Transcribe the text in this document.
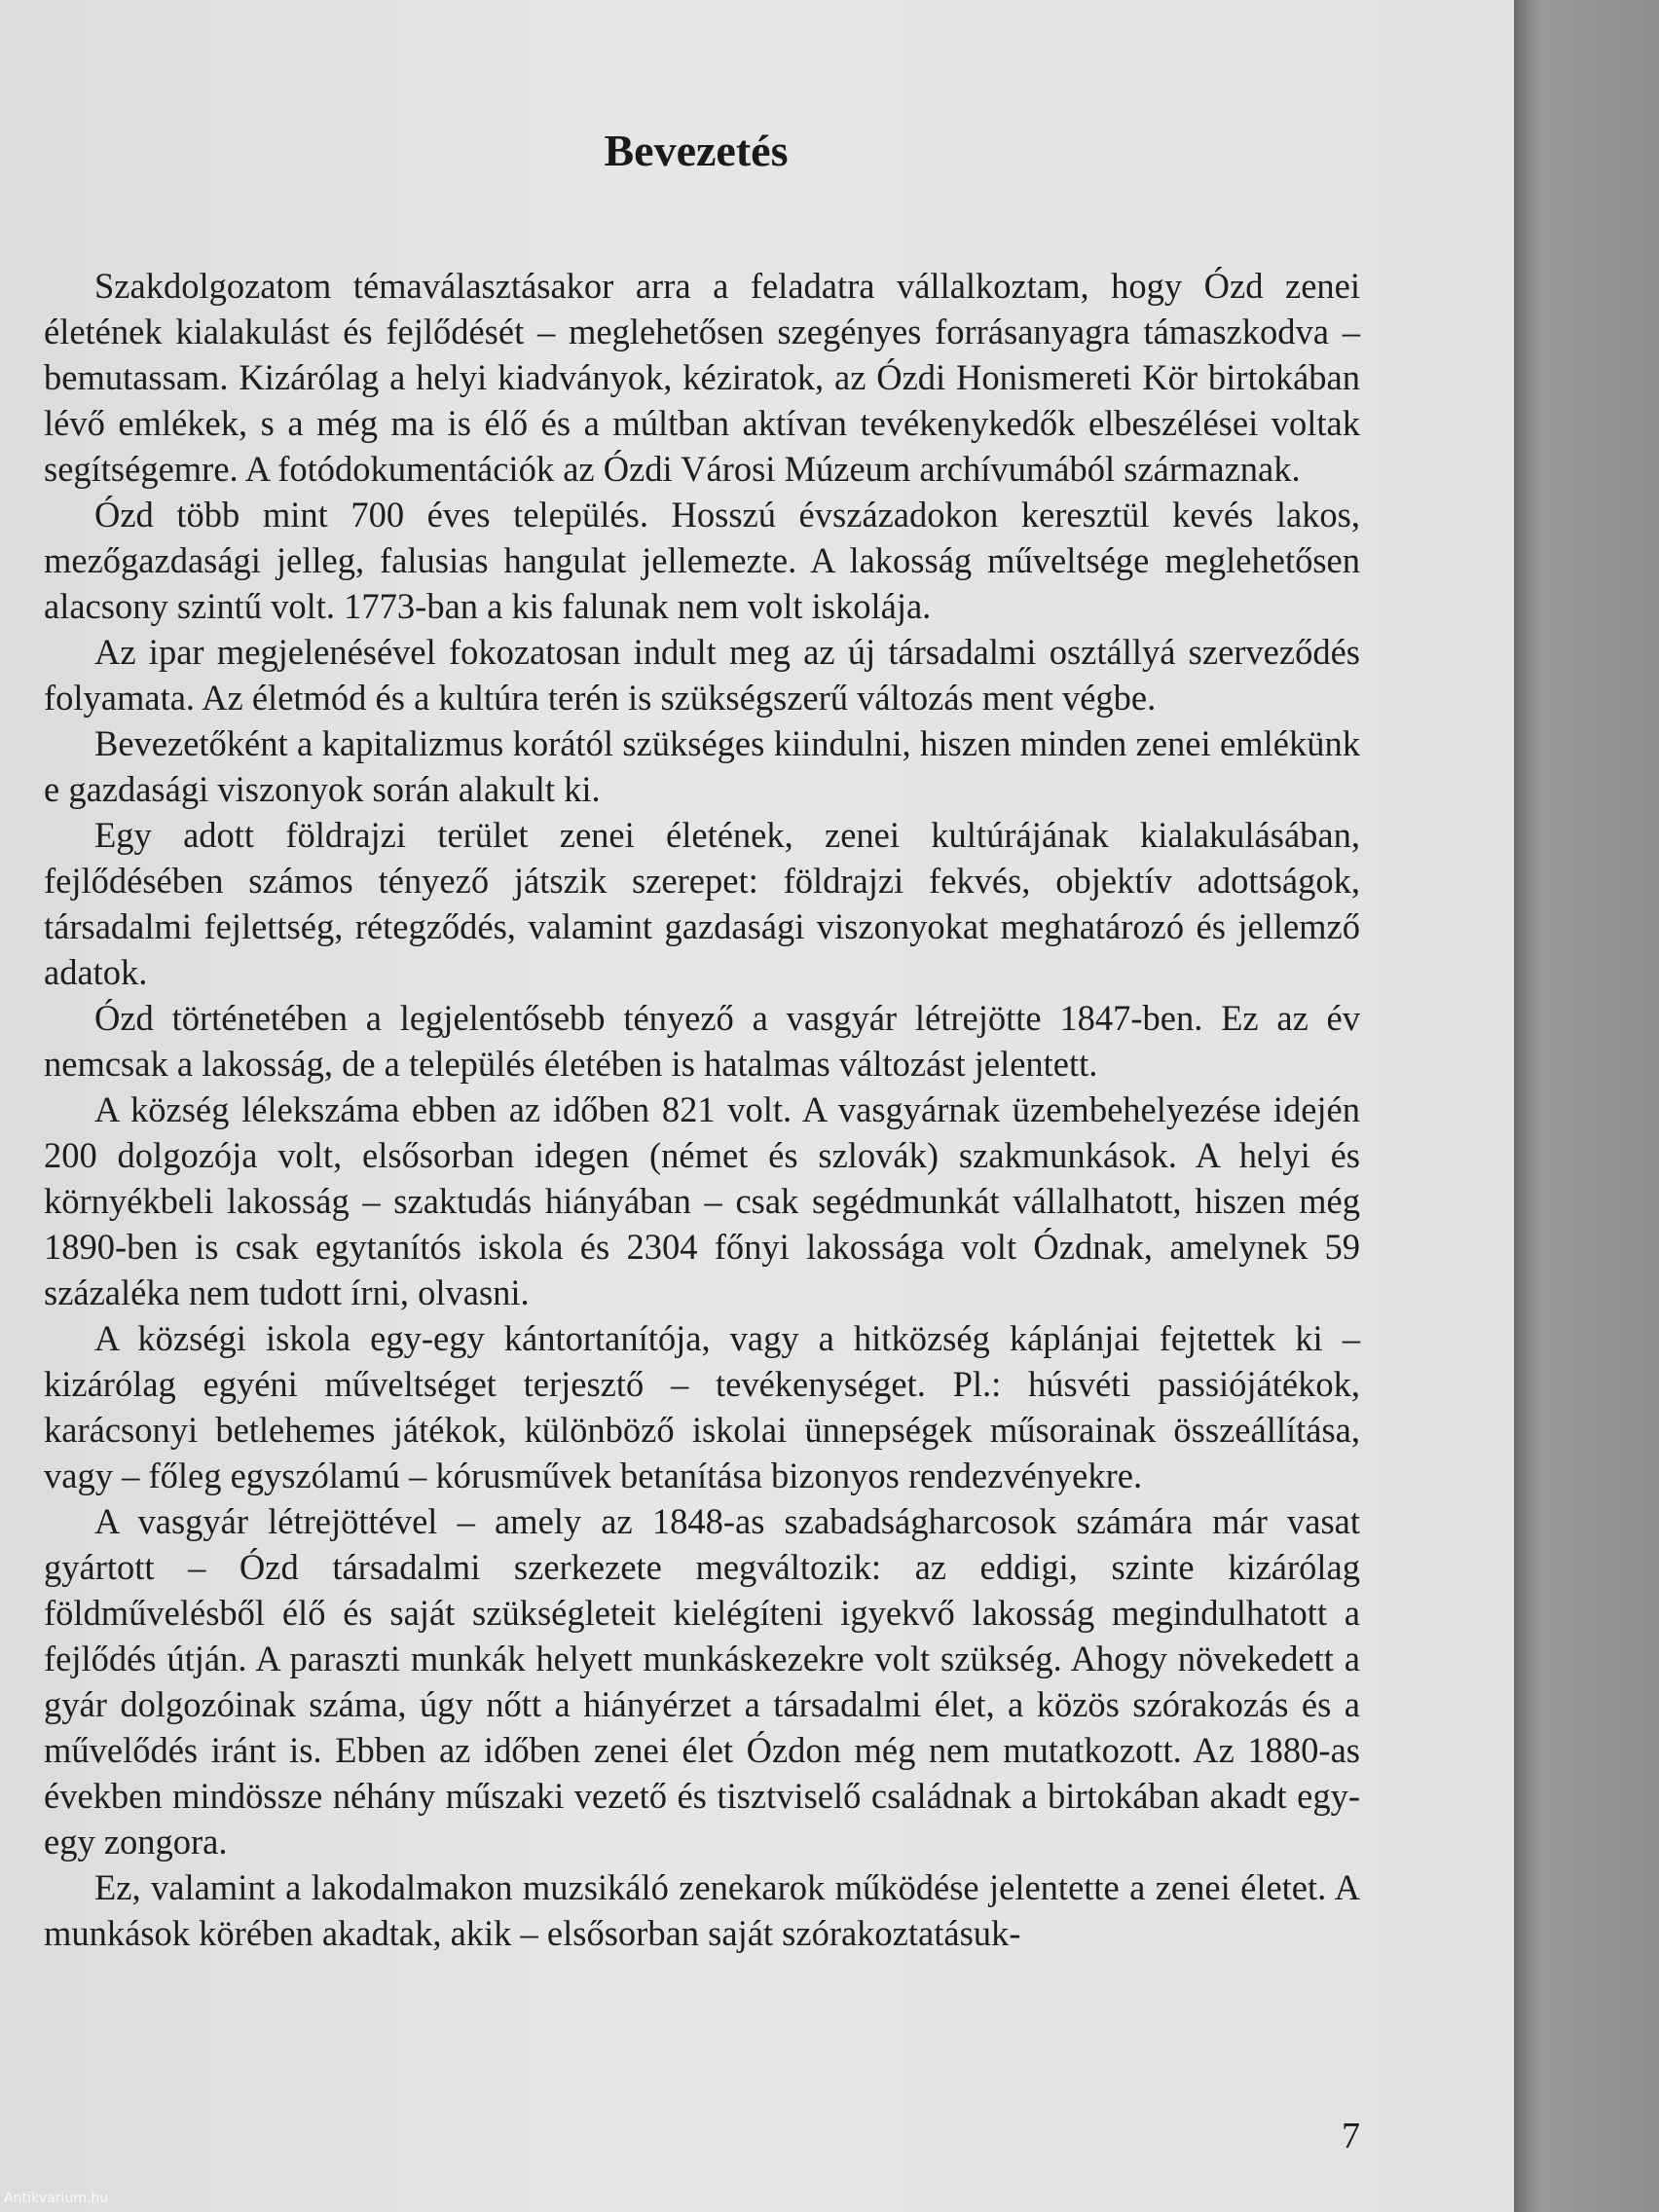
Bevezetés

Szakdolgozatom témaválasztásakor arra a feladatra vállalkoztam, hogy Ózd zenei életének kialakulást és fejlődését – meglehetősen szegényes forrásanyagra támaszkodva – bemutassam. Kizárólag a helyi kiadványok, kéziratok, az Ózdi Honismereti Kör birtokában lévő emlékek, s a még ma is élő és a múltban aktívan tevékenykedők elbeszélései voltak segítségemre. A fotódokumentációk az Ózdi Városi Múzeum archívumából származnak.

Ózd több mint 700 éves település. Hosszú évszázadokon keresztül kevés lakos, mezőgazdasági jelleg, falusias hangulat jellemezte. A lakosság műveltsége meglehetősen alacsony szintű volt. 1773-ban a kis falunak nem volt iskolája.

Az ipar megjelenésével fokozatosan indult meg az új társadalmi osztállyá szerveződés folyamata. Az életmód és a kultúra terén is szükségszerű változás ment végbe.

Bevezetőként a kapitalizmus korától szükséges kiindulni, hiszen minden zenei emlékünk e gazdasági viszonyok során alakult ki.

Egy adott földrajzi terület zenei életének, zenei kultúrájának kialakulásában, fejlődésében számos tényező játszik szerepet: földrajzi fekvés, objektív adottságok, társadalmi fejlettség, rétegződés, valamint gazdasági viszonyokat meghatározó és jellemző adatok.

Ózd történetében a legjelentősebb tényező a vasgyár létrejötte 1847-ben. Ez az év nemcsak a lakosság, de a település életében is hatalmas változást jelentett.

A község lélekszáma ebben az időben 821 volt. A vasgyárnak üzembehelyezése idején 200 dolgozója volt, elsősorban idegen (német és szlovák) szakmunkások. A helyi és környékbeli lakosság – szaktudás hiányában – csak segédmunkát vállalhatott, hiszen még 1890-ben is csak egytanítós iskola és 2304 főnyi lakossága volt Ózdnak, amelynek 59 százaléka nem tudott írni, olvasni.

A községi iskola egy-egy kántortanítója, vagy a hitközség káplánjai fejtettek ki – kizárólag egyéni műveltséget terjesztő – tevékenységet. Pl.: húsvéti passiójátékok, karácsonyi betlehemes játékok, különböző iskolai ünnepségek műsorainak összeállítása, vagy – főleg egyszólamú – kórusművek betanítása bizonyos rendezvényekre.

A vasgyár létrejöttével – amely az 1848-as szabadságharcosok számára már vasat gyártott – Ózd társadalmi szerkezete megváltozik: az eddigi, szinte kizárólag földművelésből élő és saját szükségleteit kielégíteni igyekvő lakosság megindulhatott a fejlődés útján. A paraszti munkák helyett munkáskezekre volt szükség. Ahogy növekedett a gyár dolgozóinak száma, úgy nőtt a hiányérzet a társadalmi élet, a közös szórakozás és a művelődés iránt is. Ebben az időben zenei élet Ózdon még nem mutatkozott. Az 1880-as években mindössze néhány műszaki vezető és tisztviselő családnak a birtokában akadt egy-egy zongora.

Ez, valamint a lakodalmakon muzsikáló zenekarok működése jelentette a zenei életet. A munkások körében akadtak, akik – elsősorban saját szórakoztatásuk-

7
Antikvarium.hu
